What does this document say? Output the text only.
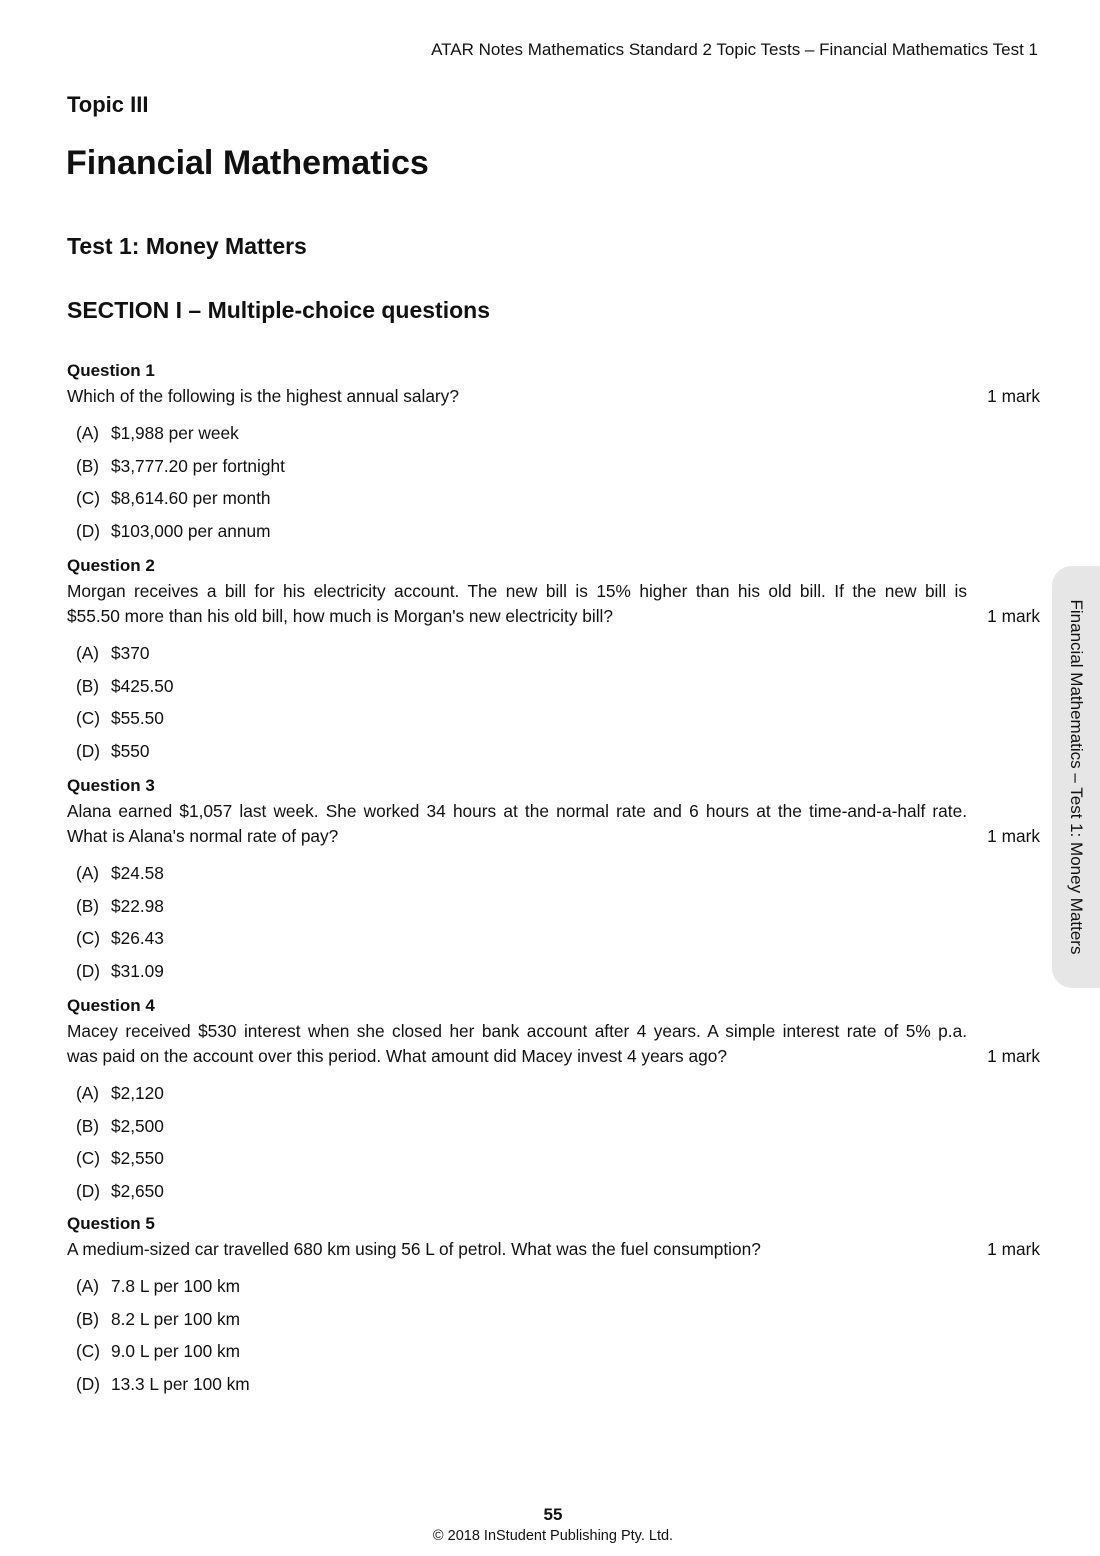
ATAR Notes Mathematics Standard 2 Topic Tests – Financial Mathematics Test 1
Topic III
Financial Mathematics
Test 1: Money Matters
SECTION I – Multiple-choice questions
Question 1
Which of the following is the highest annual salary?	1 mark
(A) $1,988 per week
(B) $3,777.20 per fortnight
(C) $8,614.60 per month
(D) $103,000 per annum
Question 2
Morgan receives a bill for his electricity account. The new bill is 15% higher than his old bill. If the new bill is
$55.50 more than his old bill, how much is Morgan's new electricity bill?	1 mark
(A) $370
(B) $425.50
(C) $55.50
(D) $550
Question 3
Alana earned $1,057 last week. She worked 34 hours at the normal rate and 6 hours at the time-and-a-half rate.
What is Alana's normal rate of pay?	1 mark
(A) $24.58
(B) $22.98
(C) $26.43
(D) $31.09
Question 4
Macey received $530 interest when she closed her bank account after 4 years. A simple interest rate of 5% p.a.
was paid on the account over this period. What amount did Macey invest 4 years ago?	1 mark
(A) $2,120
(B) $2,500
(C) $2,550
(D) $2,650
Question 5
A medium-sized car travelled 680 km using 56 L of petrol. What was the fuel consumption?	1 mark
(A) 7.8 L per 100 km
(B) 8.2 L per 100 km
(C) 9.0 L per 100 km
(D) 13.3 L per 100 km
Financial Mathematics – Test 1: Money Matters
55
© 2018 InStudent Publishing Pty. Ltd.
